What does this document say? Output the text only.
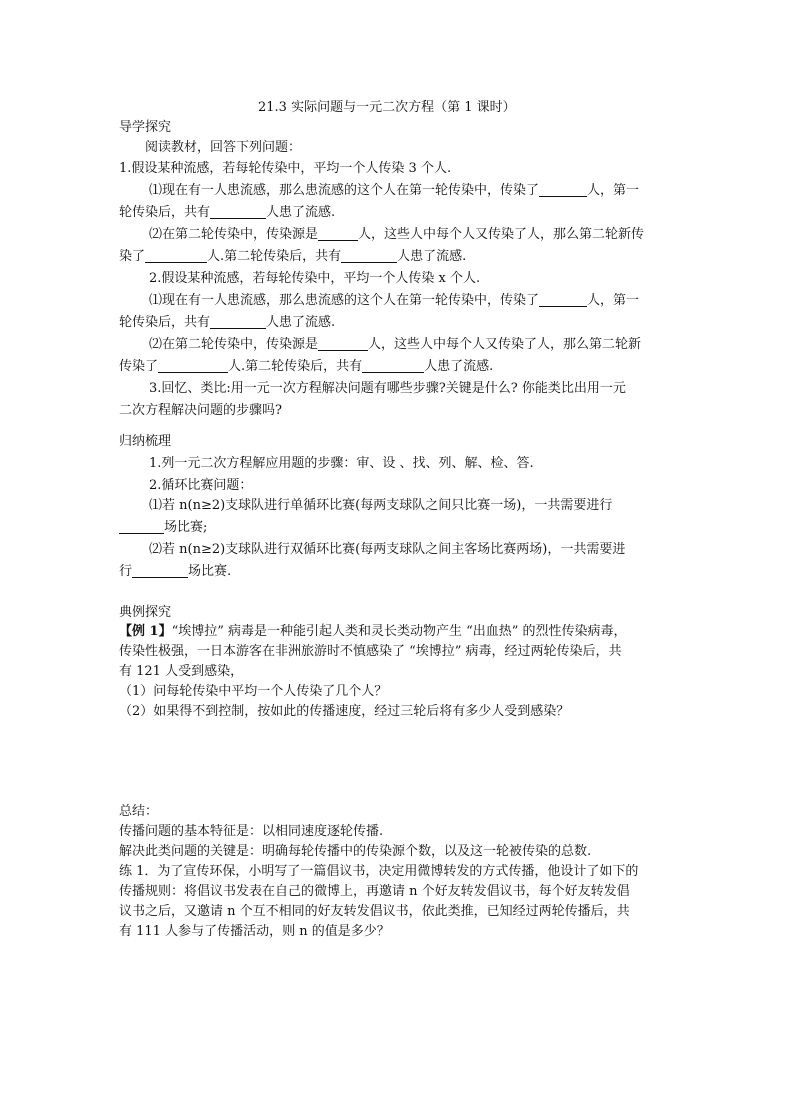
21.3 实际问题与一元二次方程（第 1 课时）
导学探究
阅读教材，回答下列问题：
1.假设某种流感，若每轮传染中，平均一个人传染 3 个人.
⑴现在有一人患流感，那么患流感的这个人在第一轮传染中，传染了	人，第一
轮传染后，共有	人患了流感.
⑵在第二轮传染中，传染源是	人，这些人中每个人又传染了人，那么第二轮新传
染了	人.第二轮传染后，共有	人患了流感.
2.假设某种流感，若每轮传染中，平均一个人传染 x 个人.
⑴现在有一人患流感，那么患流感的这个人在第一轮传染中，传染了	人，第一
轮传染后，共有	人患了流感.
⑵在第二轮传染中，传染源是	人，这些人中每个人又传染了人，那么第二轮新
传染了	人.第二轮传染后，共有	人患了流感.
3.回忆、类比:用一元一次方程解决问题有哪些步骤?关键是什么? 你能类比出用一元
二次方程解决问题的步骤吗?
归纳梳理
1.列一元二次方程解应用题的步骤：审、设 、找、列、解、检、答.
2.循环比赛问题：
⑴若 n(n≥2)支球队进行单循环比赛(每两支球队之间只比赛一场)，一共需要进行
场比赛;
⑵若 n(n≥2)支球队进行双循环比赛(每两支球队之间主客场比赛两场)，一共需要进
行	场比赛.
典例探究
【例 1】“埃博拉” 病毒是一种能引起人类和灵长类动物产生 “出血热” 的烈性传染病毒，
传染性极强，一日本游客在非洲旅游时不慎感染了 “埃博拉” 病毒，经过两轮传染后，共
有 121 人受到感染，
（1）问每轮传染中平均一个人传染了几个人？
（2）如果得不到控制，按如此的传播速度，经过三轮后将有多少人受到感染？
总结：
传播问题的基本特征是：以相同速度逐轮传播.
解决此类问题的关键是：明确每轮传播中的传染源个数，以及这一轮被传染的总数.
练 1．为了宣传环保，小明写了一篇倡议书，决定用微博转发的方式传播，他设计了如下的
传播规则：将倡议书发表在自己的微博上，再邀请 n 个好友转发倡议书，每个好友转发倡
议书之后，又邀请 n 个互不相同的好友转发倡议书，依此类推，已知经过两轮传播后，共
有 111 人参与了传播活动，则 n 的值是多少？
